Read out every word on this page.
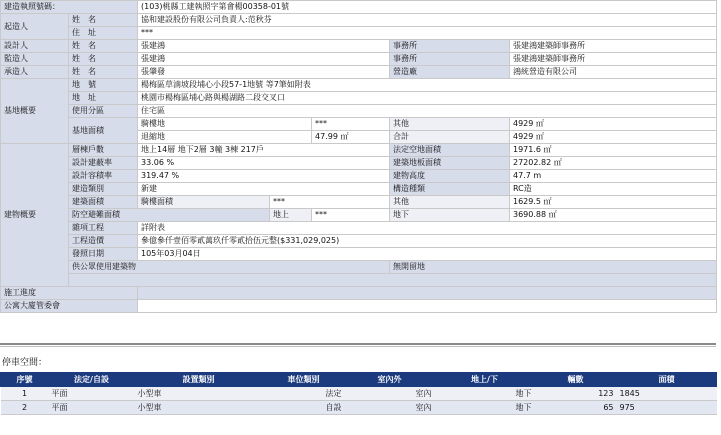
建造執照號碼：		(103)桃縣工建執照字第會楊00358-01號				
起造人	姓　名	協和建設股份有限公司負責人:范秋芬				
	住　址	***				
設計人	姓　名	張建鴻			事務所	張建鴻建築師事務所
監造人	姓　名	張建鴻			事務所	張建鴻建築師事務所
承造人	姓　名	張肇發			營造廠	鴻統營造有限公司
基地概要	地　號	楊梅區草湳坡段埔心小段57-1地號 等7筆如附表				
	地　址	桃園市楊梅區埔心路與楊湖路二段交叉口				
	使用分區	住宅區				
	基地面積	騎樓地		***	其他	4929 ㎡
		退縮地		47.99 ㎡	合計	4929 ㎡
建物概要	層棟戶數	地上14層 地下2層 3幢 3棟 217戶			法定空地面積	1971.6 ㎡
	設計建蔽率	33.06 %			建築地板面積	27202.82 ㎡
	設計容積率	319.47 %			建物高度	47.7 m
	建造類別	新建			構造種類	RC造
	建築面積	騎樓面積	***		其他	1629.5 ㎡
	防空避難面積		地上	***	地下	3690.88 ㎡
	雜項工程	詳附表				
	工程造價	參億參仟壹佰零貳萬玖仟零貳拾伍元整($331,029,025)				
	發照日期	105年03月04日				
	供公眾使用建築物				無開留地	

施工進度						
公寓大廈管委會						
停車空間：
序號	法定/自設	設置類別	車位類別	室內外	地上/下	輛數	面積
1	平面	小型車	法定	室內	地下	123	1845
2	平面	小型車	自設	室內	地下	65	975
